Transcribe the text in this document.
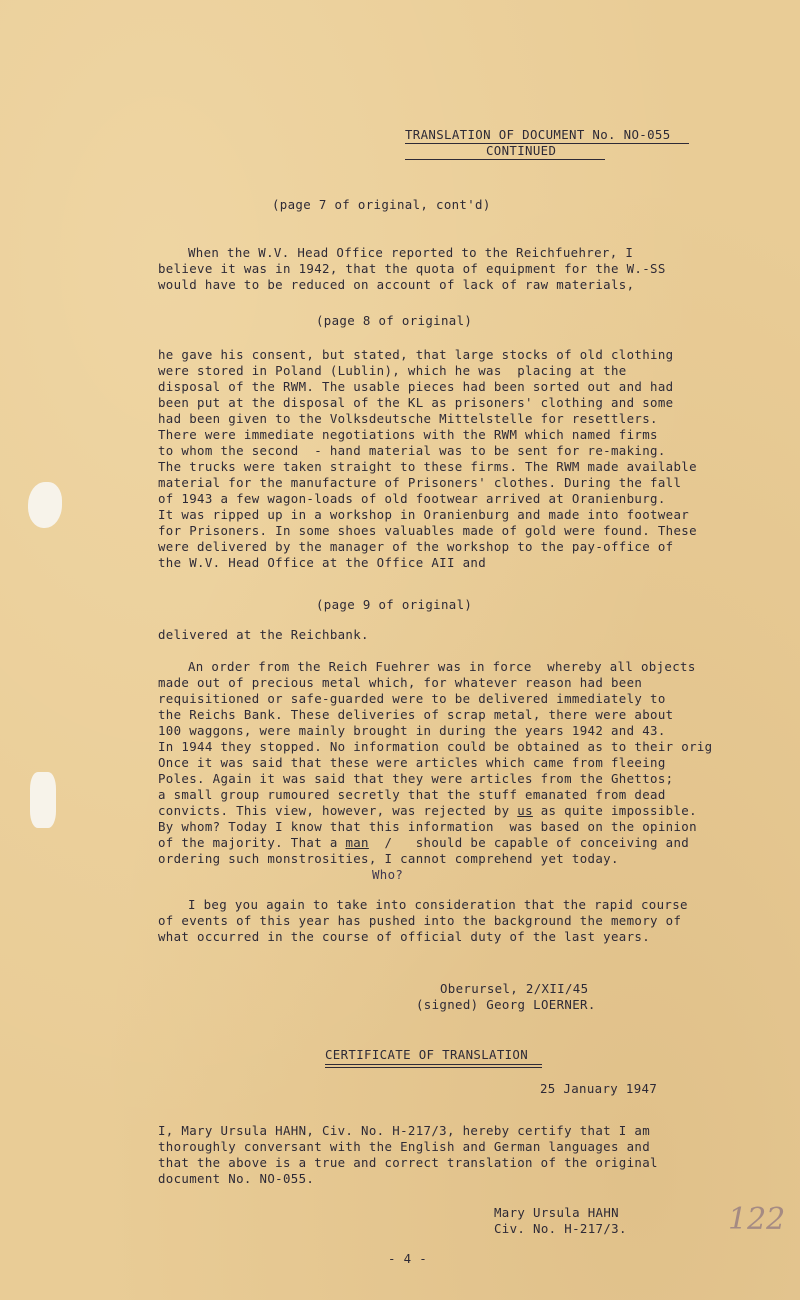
TRANSLATION OF DOCUMENT No. NO-055
CONTINUED
(page 7 of original, cont'd)
When the W.V. Head Office reported to the Reichfuehrer, I
believe it was in 1942, that the quota of equipment for the W.-SS
would have to be reduced on account of lack of raw materials,
(page 8 of original)
he gave his consent, but stated, that large stocks of old clothing
were stored in Poland (Lublin), which he was  placing at the
disposal of the RWM. The usable pieces had been sorted out and had
been put at the disposal of the KL as prisoners' clothing and some
had been given to the Volksdeutsche Mittelstelle for resettlers.
There were immediate negotiations with the RWM which named firms
to whom the second  - hand material was to be sent for re-making.
The trucks were taken straight to these firms. The RWM made available
material for the manufacture of Prisoners' clothes. During the fall
of 1943 a few wagon-loads of old footwear arrived at Oranienburg.
It was ripped up in a workshop in Oranienburg and made into footwear
for Prisoners. In some shoes valuables made of gold were found. These
were delivered by the manager of the workshop to the pay-office of
the W.V. Head Office at the Office AII and
(page 9 of original)
delivered at the Reichbank.
An order from the Reich Fuehrer was in force  whereby all objects
made out of precious metal which, for whatever reason had been
requisitioned or safe-guarded were to be delivered immediately to
the Reichs Bank. These deliveries of scrap metal, there were about
100 waggons, were mainly brought in during the years 1942 and 43.
In 1944 they stopped. No information could be obtained as to their orig
Once it was said that these were articles which came from fleeing
Poles. Again it was said that they were articles from the Ghettos;
a small group rumoured secretly that the stuff emanated from dead
convicts. This view, however, was rejected by us as quite impossible.
By whom? Today I know that this information  was based on the opinion
of the majority. That a man  /   should be capable of conceiving and
ordering such monstrosities, I cannot comprehend yet today.
Who?
I beg you again to take into consideration that the rapid course
of events of this year has pushed into the background the memory of
what occurred in the course of official duty of the last years.
Oberursel, 2/XII/45
(signed) Georg LOERNER.
CERTIFICATE OF TRANSLATION
25 January 1947
I, Mary Ursula HAHN, Civ. No. H-217/3, hereby certify that I am
thoroughly conversant with the English and German languages and
that the above is a true and correct translation of the original
document No. NO-055.
Mary Ursula HAHN
Civ. No. H-217/3.	122
- 4 -
